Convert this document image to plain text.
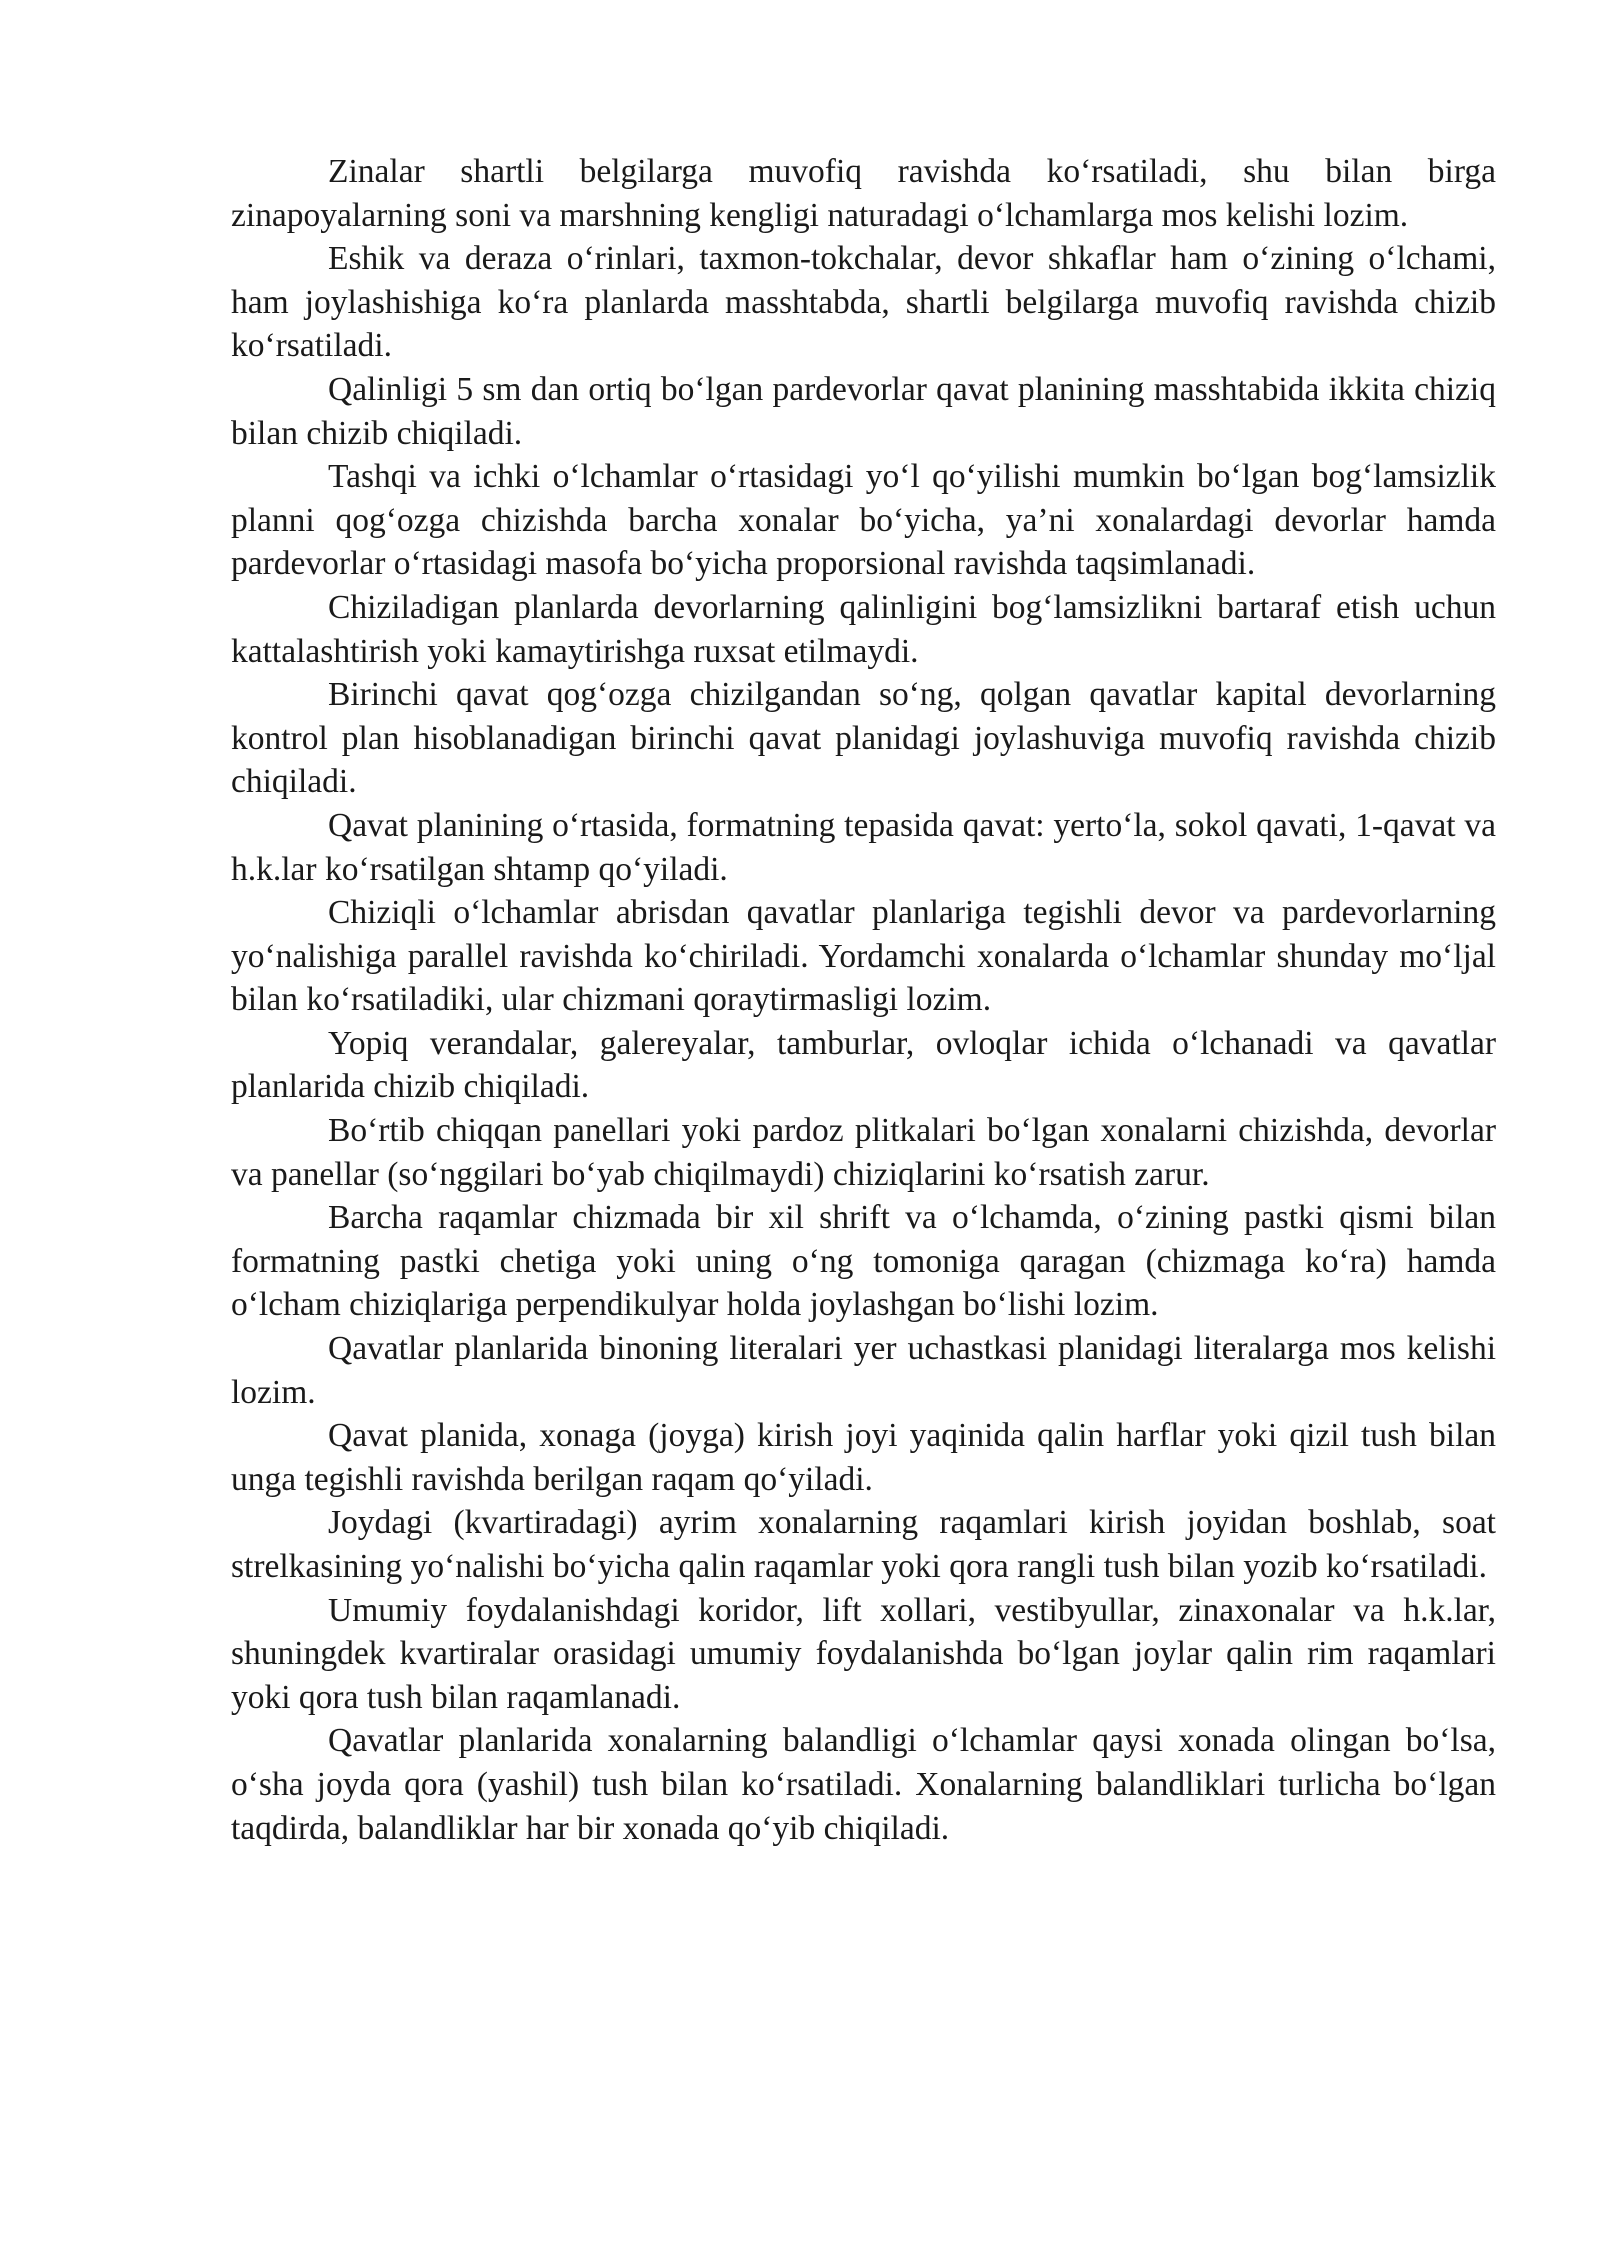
Zinalar shartli belgilarga muvofiq ravishda ko‘rsatiladi, shu bilan birga zinapoyalarning soni va marshning kengligi naturadagi o‘lchamlarga mos kelishi lozim.

Eshik va deraza o‘rinlari, taxmon-tokchalar, devor shkaflar ham o‘zining o‘lchami, ham joylashishiga ko‘ra planlarda masshtabda, shartli belgilarga muvofiq ravishda chizib ko‘rsatiladi.

Qalinligi 5 sm dan ortiq bo‘lgan pardevorlar qavat planining masshtabida ikkita chiziq bilan chizib chiqiladi.

Tashqi va ichki o‘lchamlar o‘rtasidagi yo‘l qo‘yilishi mumkin bo‘lgan bog‘lamsizlik planni qog‘ozga chizishda barcha xonalar bo‘yicha, ya’ni xonalardagi devorlar hamda pardevorlar o‘rtasidagi masofa bo‘yicha proporsional ravishda taqsimlanadi.

Chiziladigan planlarda devorlarning qalinligini bog‘lamsizlikni bartaraf etish uchun kattalashtirish yoki kamaytirishga ruxsat etilmaydi.

Birinchi qavat qog‘ozga chizilgandan so‘ng, qolgan qavatlar kapital devorlarning kontrol plan hisoblanadigan birinchi qavat planidagi joylashuviga muvofiq ravishda chizib chiqiladi.

Qavat planining o‘rtasida, formatning tepasida qavat: yerto‘la, sokol qavati, 1-qavat va h.k.lar ko‘rsatilgan shtamp qo‘yiladi.

Chiziqli o‘lchamlar abrisdan qavatlar planlariga tegishli devor va pardevorlarning yo‘nalishiga parallel ravishda ko‘chiriladi. Yordamchi xonalarda o‘lchamlar shunday mo‘ljal bilan ko‘rsatiladiki, ular chizmani qoraytirmasligi lozim.

Yopiq verandalar, galereyalar, tamburlar, ovloqlar ichida o‘lchanadi va qavatlar planlarida chizib chiqiladi.

Bo‘rtib chiqqan panellari yoki pardoz plitkalari bo‘lgan xonalarni chizishda, devorlar va panellar (so‘nggilari bo‘yab chiqilmaydi) chiziqlarini ko‘rsatish zarur.

Barcha raqamlar chizmada bir xil shrift va o‘lchamda, o‘zining pastki qismi bilan formatning pastki chetiga yoki uning o‘ng tomoniga qaragan (chizmaga ko‘ra) hamda o‘lcham chiziqlariga perpendikulyar holda joylashgan bo‘lishi lozim.

Qavatlar planlarida binoning literalari yer uchastkasi planidagi literalarga mos kelishi lozim.

Qavat planida, xonaga (joyga) kirish joyi yaqinida qalin harflar yoki qizil tush bilan unga tegishli ravishda berilgan raqam qo‘yiladi.

Joydagi (kvartiradagi) ayrim xonalarning raqamlari kirish joyidan boshlab, soat strelkasining yo‘nalishi bo‘yicha qalin raqamlar yoki qora rangli tush bilan yozib ko‘rsatiladi.

Umumiy foydalanishdagi koridor, lift xollari, vestibyullar, zinaxonalar va h.k.lar, shuningdek kvartiralar orasidagi umumiy foydalanishda bo‘lgan joylar qalin rim raqamlari yoki qora tush bilan raqamlanadi.

Qavatlar planlarida xonalarning balandligi o‘lchamlar qaysi xonada olingan bo‘lsa, o‘sha joyda qora (yashil) tush bilan ko‘rsatiladi. Xonalarning balandliklari turlicha bo‘lgan taqdirda, balandliklar har bir xonada qo‘yib chiqiladi.
